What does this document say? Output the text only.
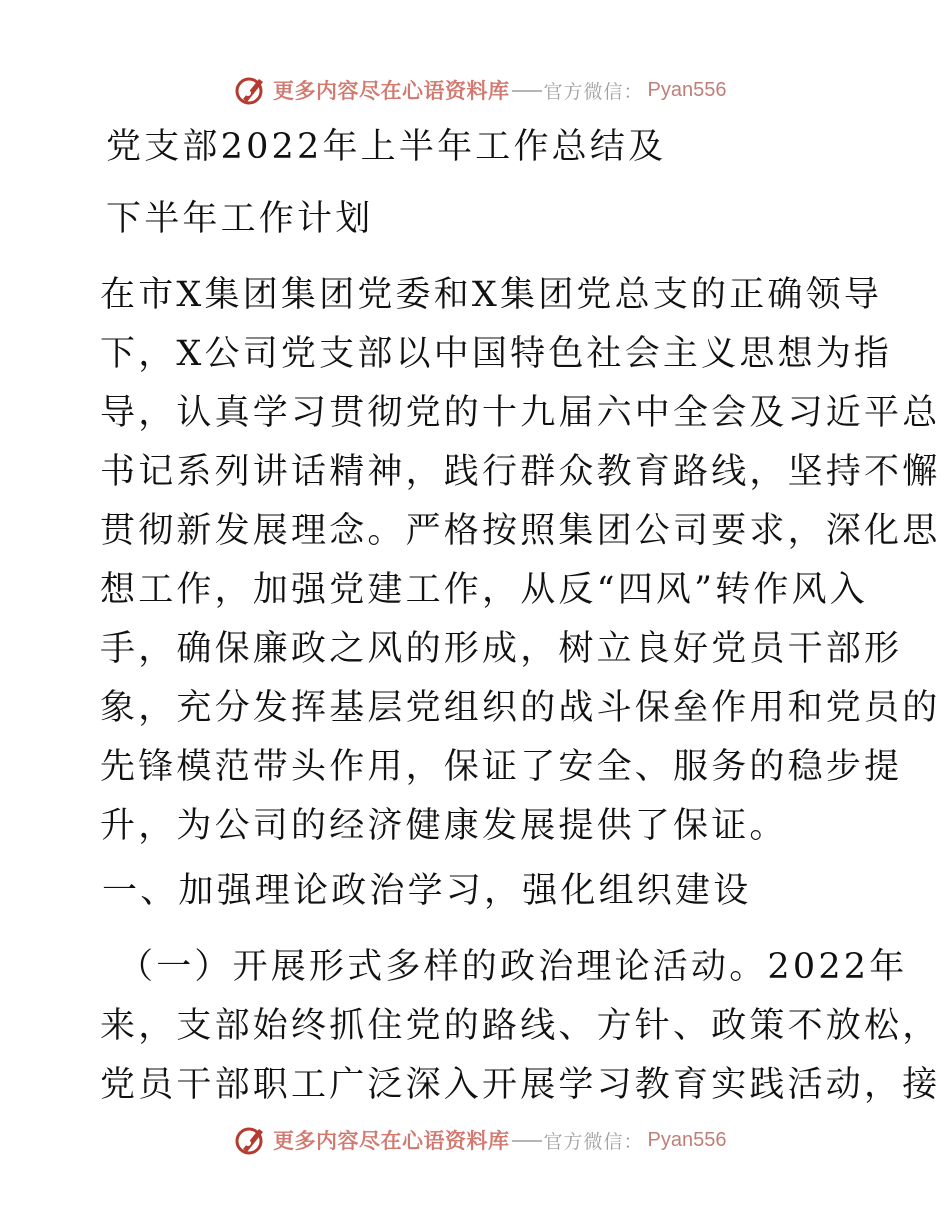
更多内容尽在心语资料库 官方微信： Pyan556
党支部2022年上半年工作总结及
下半年工作计划
在市X集团集团党委和X集团党总支的正确领导
下，X公司党支部以中国特色社会主义思想为指
导，认真学习贯彻党的十九届六中全会及习近平总
书记系列讲话精神，践行群众教育路线，坚持不懈
贯彻新发展理念。严格按照集团公司要求，深化思
想工作，加强党建工作，从反“四风”转作风入
手，确保廉政之风的形成，树立良好党员干部形
象，充分发挥基层党组织的战斗保垒作用和党员的
先锋模范带头作用，保证了安全、服务的稳步提
升，为公司的经济健康发展提供了保证。
一、加强理论政治学习，强化组织建设
（一）开展形式多样的政治理论活动。2022年
来，支部始终抓住党的路线、方针、政策不放松，
党员干部职工广泛深入开展学习教育实践活动，接
更多内容尽在心语资料库 官方微信： Pyan556
